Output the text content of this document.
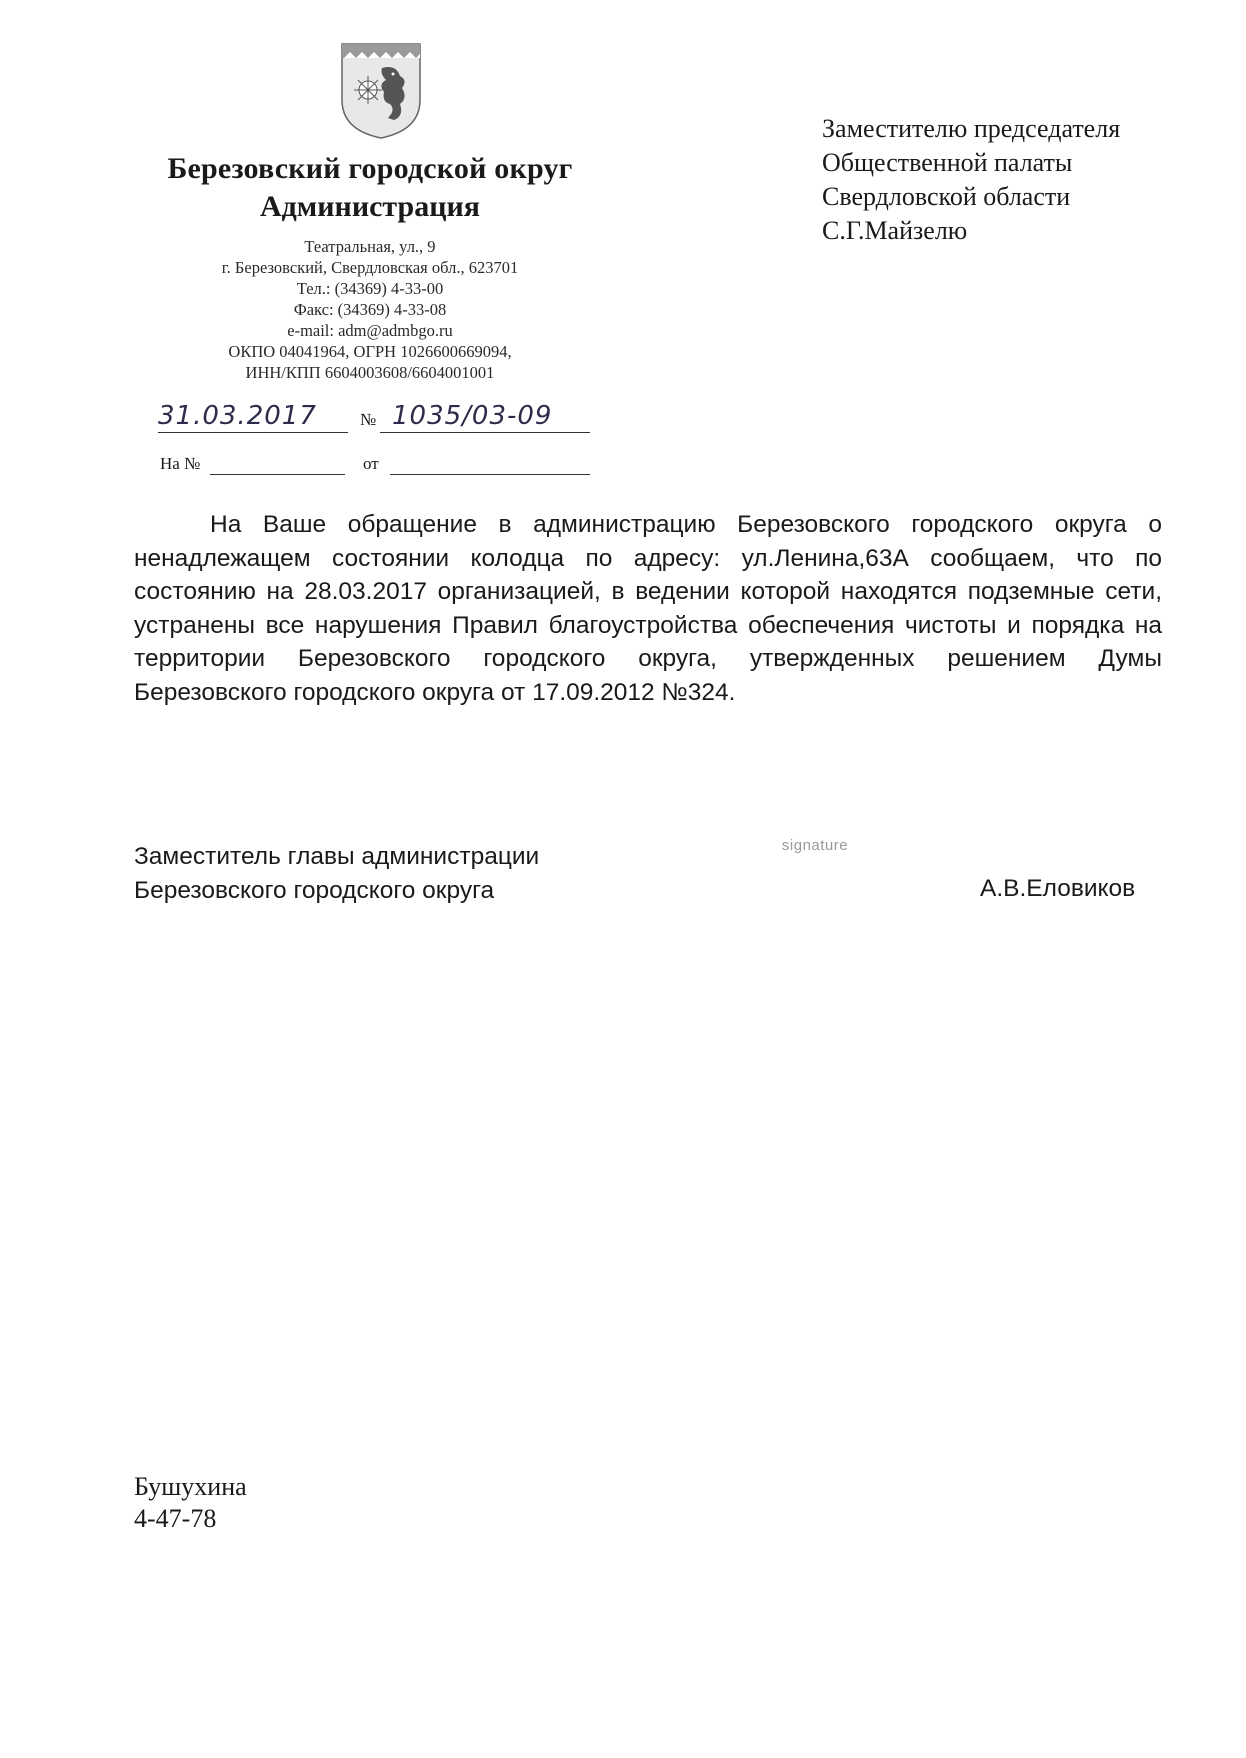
Березовский городской округ
Администрация
Театральная, ул., 9
г. Березовский, Свердловская обл., 623701
Тел.: (34369) 4-33-00
Факс: (34369) 4-33-08
e-mail: adm@admbgo.ru
ОКПО 04041964, ОГРН 1026600669094,
ИНН/КПП 6604003608/6604001001
31.03.2017	№ 1035/03-09
На №	от
Заместителю председателя
Общественной палаты
Свердловской области
С.Г.Майзелю
На Ваше обращение в администрацию Березовского городского округа о ненадлежащем состоянии колодца по адресу: ул.Ленина,63А сообщаем, что по состоянию на 28.03.2017 организацией, в ведении которой находятся подземные сети, устранены все нарушения Правил благоустройства обеспечения чистоты и порядка на территории Березовского городского округа, утвержденных решением Думы Березовского городского округа от 17.09.2012 №324.
Заместитель главы администрации
Березовского городского округа
signature
А.В.Еловиков
Бушухина
4-47-78
